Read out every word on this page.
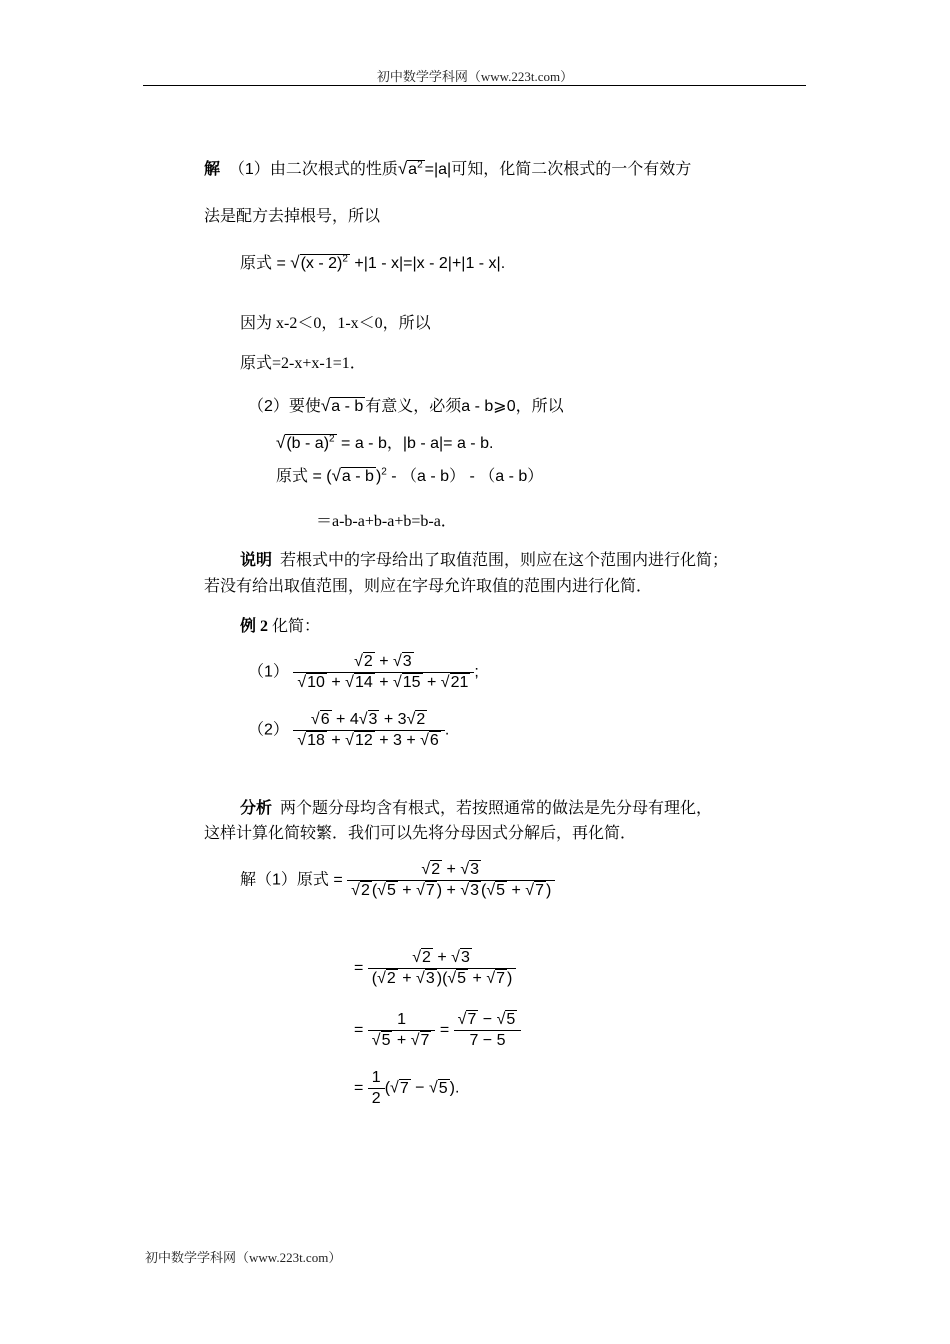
初中数学学科网（www.223t.com）
解 （1）由二次根式的性质$√a^2 =|a|$可知，化简二次根式的一个有效方
法是配方去掉根号，所以
原式 = √(x - 2)$^2$ +|1 - x|=|x - 2|+|1 - x|.
因为 x-2＜0，1-x＜0，所以
原式=2-x+x-1=1．
（2）要使√a - b 有意义，必须a - b⩾0，所以
√(b - a)$^2$ = a - b，|b - a|= a - b.
原式 = (√a - b )$^2$ - （a - b） - （a - b）
＝a-b-a+b-a+b=b-a．
说明 若根式中的字母给出了取值范围，则应在这个范围内进行化简；
若没有给出取值范围，则应在字母允许取值的范围内进行化简．
例 2 化简：
$(1) \frac{√2 + √3}{√10 + √14 + √15 + √21}$ ;
$(2) \frac{√6 + 4√3 + 3√2}{√18 + √12 + 3 + √6}$ .
分析 两个题分母均含有根式，若按照通常的做法是先分母有理化，
这样计算化简较繁．我们可以先将分母因式分解后，再化简．
解（1）原式 = $\frac{√2 + √3}{√2 (√5 + √7 ) + √3 (√5 + √7 )}$
= $\frac{√2 + √3}{(√2 + √3 )(√5 + √7 )}$
= $\frac{1}{√5 + √7} = \frac{√7 - √5}{7 - 5}$
= $\frac{1}{2} (√7 - √5$ ).
初中数学学科网（www.223t.com）
